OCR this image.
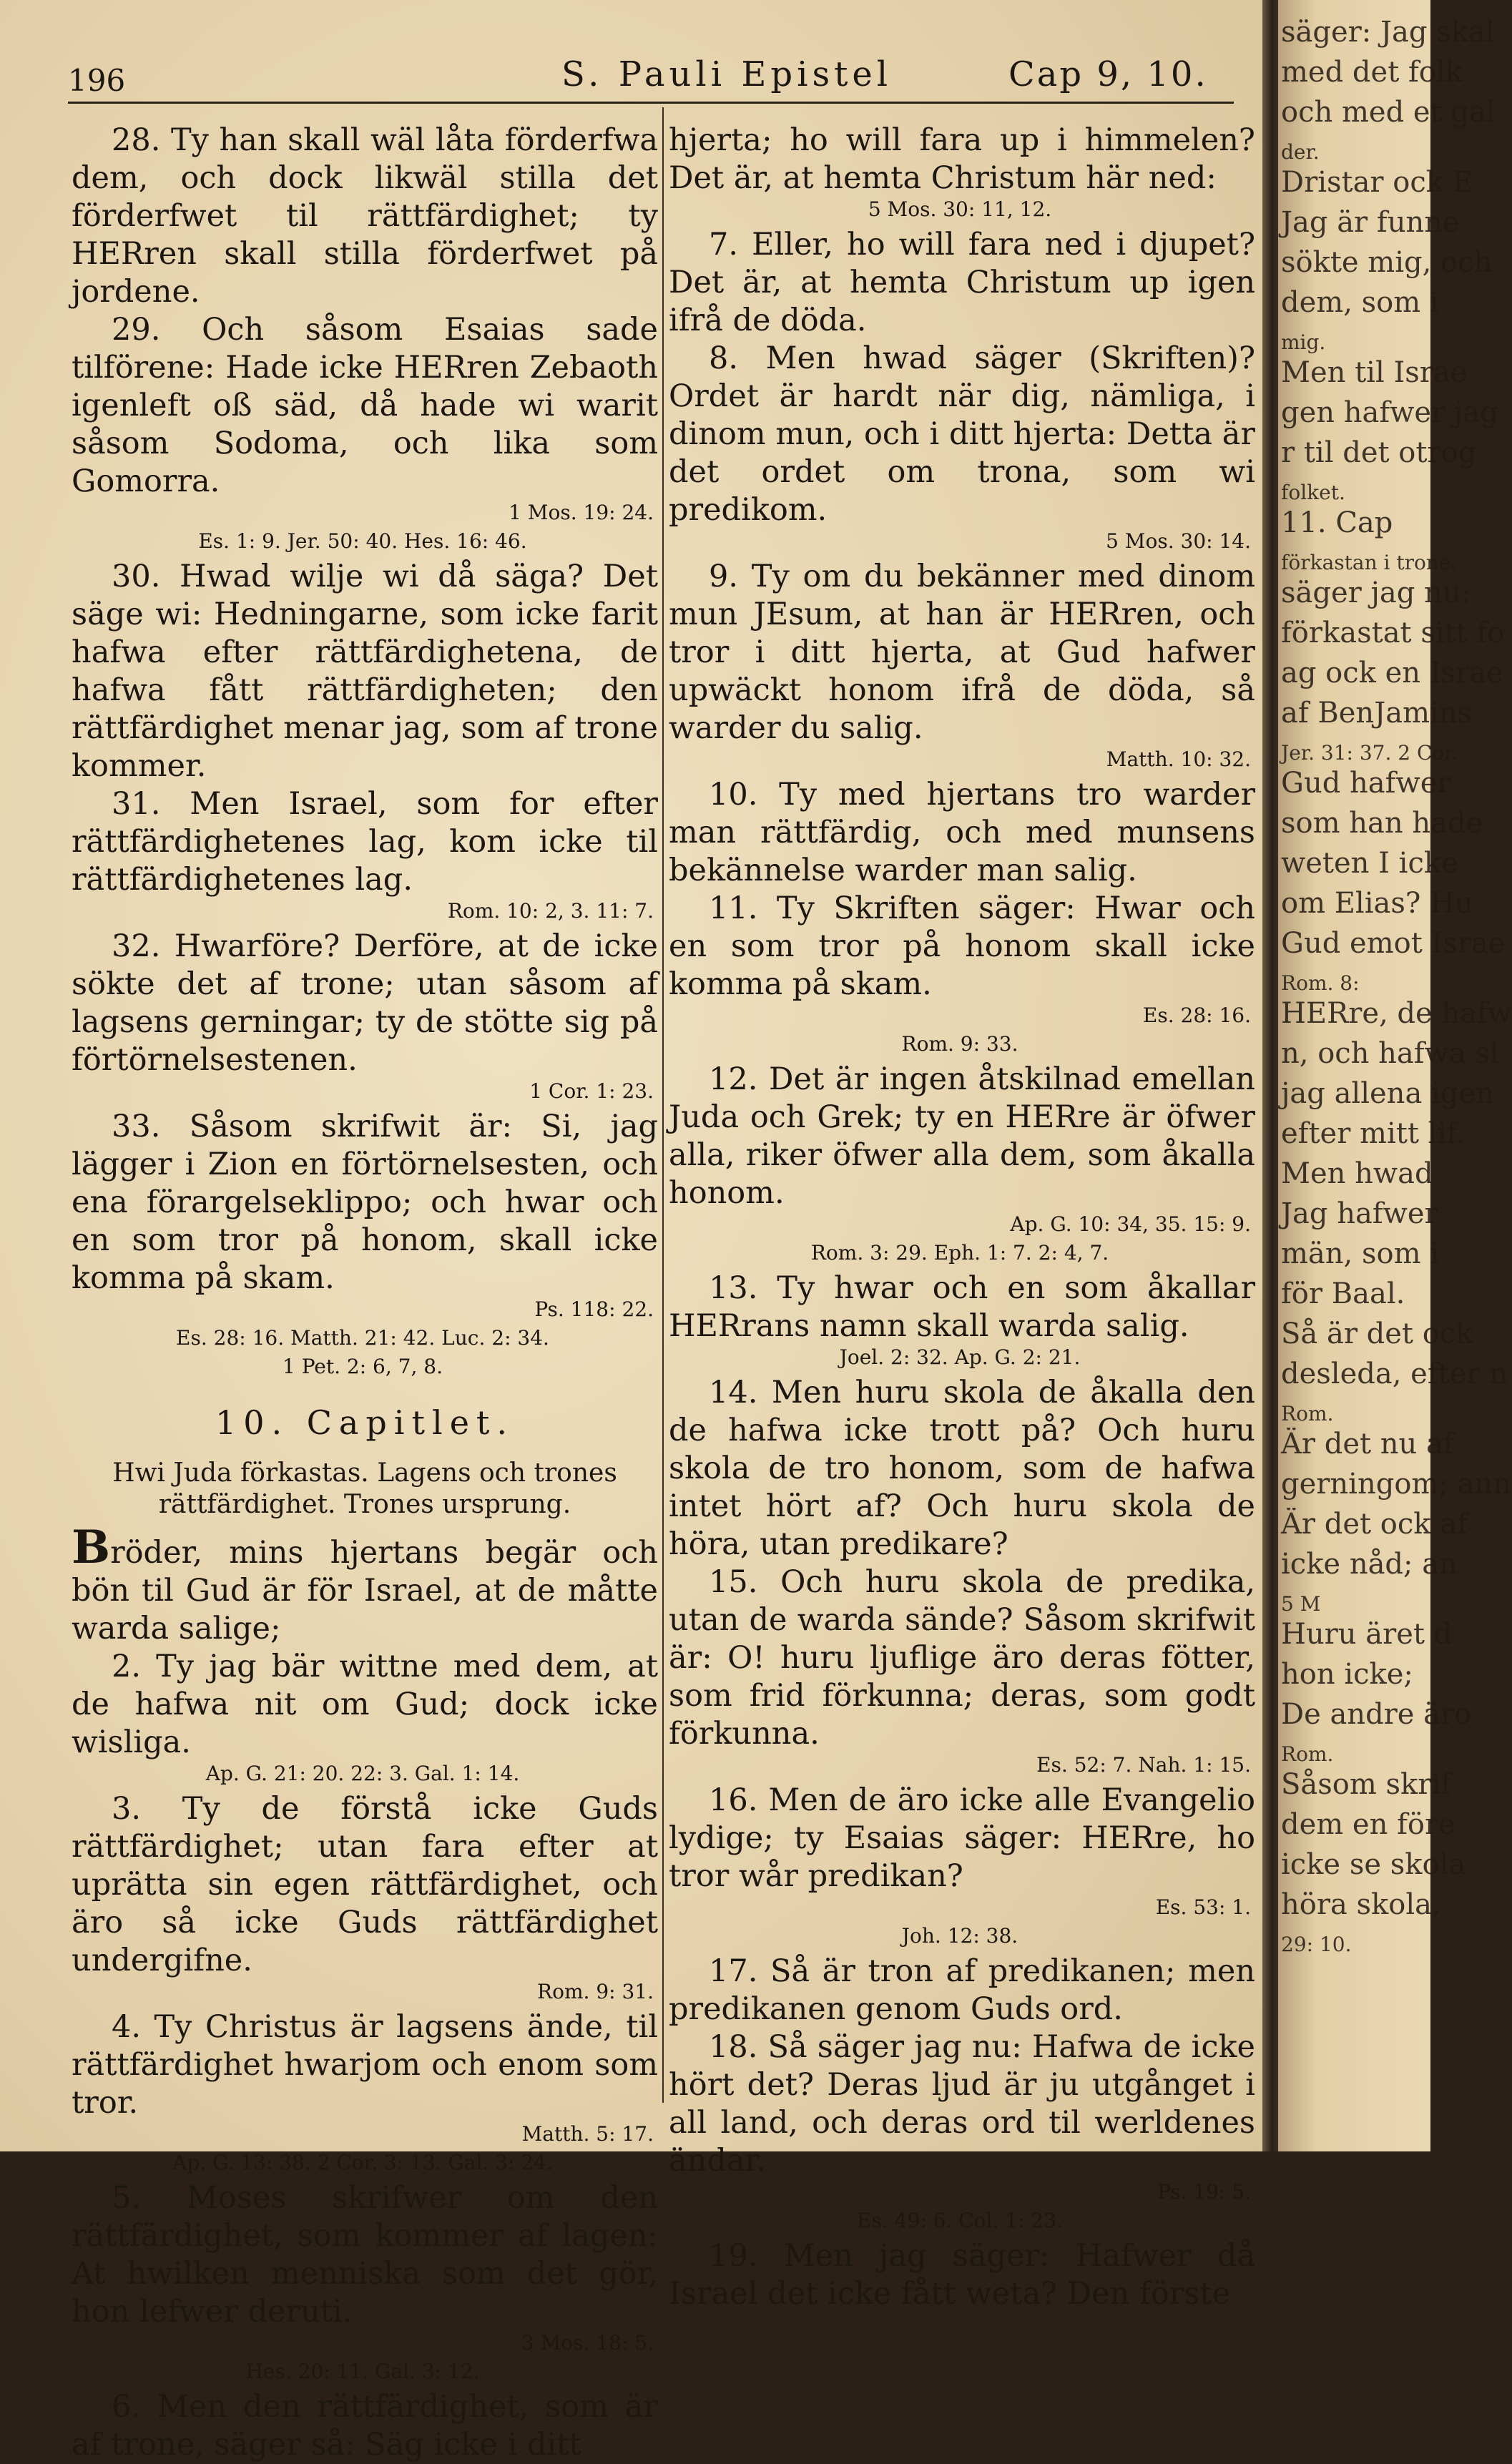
196	S. Pauli Epistel	Cap 9, 10.

28. Ty han skall wäl låta förderfwa dem, och dock likwäl stilla det förderfwet til rättfärdighet; ty HERren skall stilla förderfwet på jordene.

29. Och såsom Esaias sade tilförene: Hade icke HERren Zebaoth igenleft oß säd, då hade wi warit såsom Sodoma, och lika som Gomorra.

1 Mos. 19: 24.

Es. 1: 9. Jer. 50: 40. Hes. 16: 46.

30. Hwad wilje wi då säga? Det säge wi: Hedningarne, som icke farit hafwa efter rättfärdighetena, de hafwa fått rättfärdigheten; den rättfärdighet menar jag, som af trone kommer.

31. Men Israel, som for efter rättfärdighetenes lag, kom icke til rättfärdighetenes lag.

Rom. 10: 2, 3. 11: 7.

32. Hwarföre? Derföre, at de icke sökte det af trone; utan såsom af lagsens gerningar; ty de stötte sig på förtörnelsestenen.

1 Cor. 1: 23.

33. Såsom skrifwit är: Si, jag lägger i Zion en förtörnelsesten, och ena förargelseklippo; och hwar och en som tror på honom, skall icke komma på skam.

Ps. 118: 22.

Es. 28: 16. Matth. 21: 42. Luc. 2: 34.

1 Pet. 2: 6, 7, 8.

10. Capitlet.
Hwi Juda förkastas. Lagens och trones rättfärdighet. Trones ursprung.

Bröder, mins hjertans begär och bön til Gud är för Israel, at de måtte warda salige;

2. Ty jag bär wittne med dem, at de hafwa nit om Gud; dock icke wisliga.

Ap. G. 21: 20. 22: 3. Gal. 1: 14.

3. Ty de förstå icke Guds rättfärdighet; utan fara efter at uprätta sin egen rättfärdighet, och äro så icke Guds rättfärdighet undergifne.

Rom. 9: 31.

4. Ty Christus är lagsens ände, til rättfärdighet hwarjom och enom som tror.

Matth. 5: 17.

Ap. G. 13: 38. 2 Cor. 3: 13. Gal. 3: 24.

5. Moses skrifwer om den rättfärdighet, som kommer af lagen: At hwilken menniska som det gör, hon lefwer deruti.

3 Mos. 18: 5.

Hes. 20: 11. Gal. 3: 12.

6. Men den rättfärdighet, som är af trone, säger så: Säg icke i ditt

hjerta; ho will fara up i himmelen? Det är, at hemta Christum här ned:

5 Mos. 30: 11, 12.

7. Eller, ho will fara ned i djupet? Det är, at hemta Christum up igen ifrå de döda.

8. Men hwad säger (Skriften)? Ordet är hardt när dig, nämliga, i dinom mun, och i ditt hjerta: Detta är det ordet om trona, som wi predikom.

5 Mos. 30: 14.

9. Ty om du bekänner med dinom mun JEsum, at han är HERren, och tror i ditt hjerta, at Gud hafwer upwäckt honom ifrå de döda, så warder du salig.

Matth. 10: 32.

10. Ty med hjertans tro warder man rättfärdig, och med munsens bekännelse warder man salig.

11. Ty Skriften säger: Hwar och en som tror på honom skall icke komma på skam.

Es. 28: 16.

Rom. 9: 33.

12. Det är ingen åtskilnad emellan Juda och Grek; ty en HERre är öfwer alla, riker öfwer alla dem, som åkalla honom.

Ap. G. 10: 34, 35. 15: 9.

Rom. 3: 29. Eph. 1: 7. 2: 4, 7.

13. Ty hwar och en som åkallar HERrans namn skall warda salig.

Joel. 2: 32. Ap. G. 2: 21.

14. Men huru skola de åkalla den de hafwa icke trott på? Och huru skola de tro honom, som de hafwa intet hört af? Och huru skola de höra, utan predikare?

15. Och huru skola de predika, utan de warda sände? Såsom skrifwit är: O! huru ljuflige äro deras fötter, som frid förkunna; deras, som godt förkunna.

Es. 52: 7. Nah. 1: 15.

16. Men de äro icke alle Evangelio lydige; ty Esaias säger: HERre, ho tror wår predikan?

Es. 53: 1.

Joh. 12: 38.

17. Så är tron af predikanen; men predikanen genom Guds ord.

18. Så säger jag nu: Hafwa de icke hört det? Deras ljud är ju utgånget i all land, och deras ord til werldenes ändar.

Ps. 19: 5.

Es. 49: 6. Col. 1: 23.

19. Men jag säger: Hafwer då Israel det icke fått weta? Den förste

säger: Jag skal
med det folk
och med et gal
der.
Dristar ock E
Jag är funne
sökte mig, och
dem, som i
mig.
Men til Israe
gen hafwer jag
r til det otrog
folket.
11. Cap
förkastan i trone.
säger jag nu:
förkastat sitt fo
ag ock en Israe
af BenJamins
Jer. 31: 37. 2 Cor.
Gud hafwer
som han hade
weten I icke
om Elias? Hu
Gud emot Israe
Rom. 8:
HERre, de hafw
n, och hafwa sl
jag allena igen
efter mitt lif.
Men hwad
Jag hafwer
män, som i
för Baal.
Så är det ock
desleda, efter n
Rom.
Är det nu af
gerningom; ann
Är det ock af
icke nåd; an
5 M
Huru äret d
hon icke;
De andre äro
Rom.
Såsom skrif
dem en före
icke se skola
höra skola,
29: 10.
